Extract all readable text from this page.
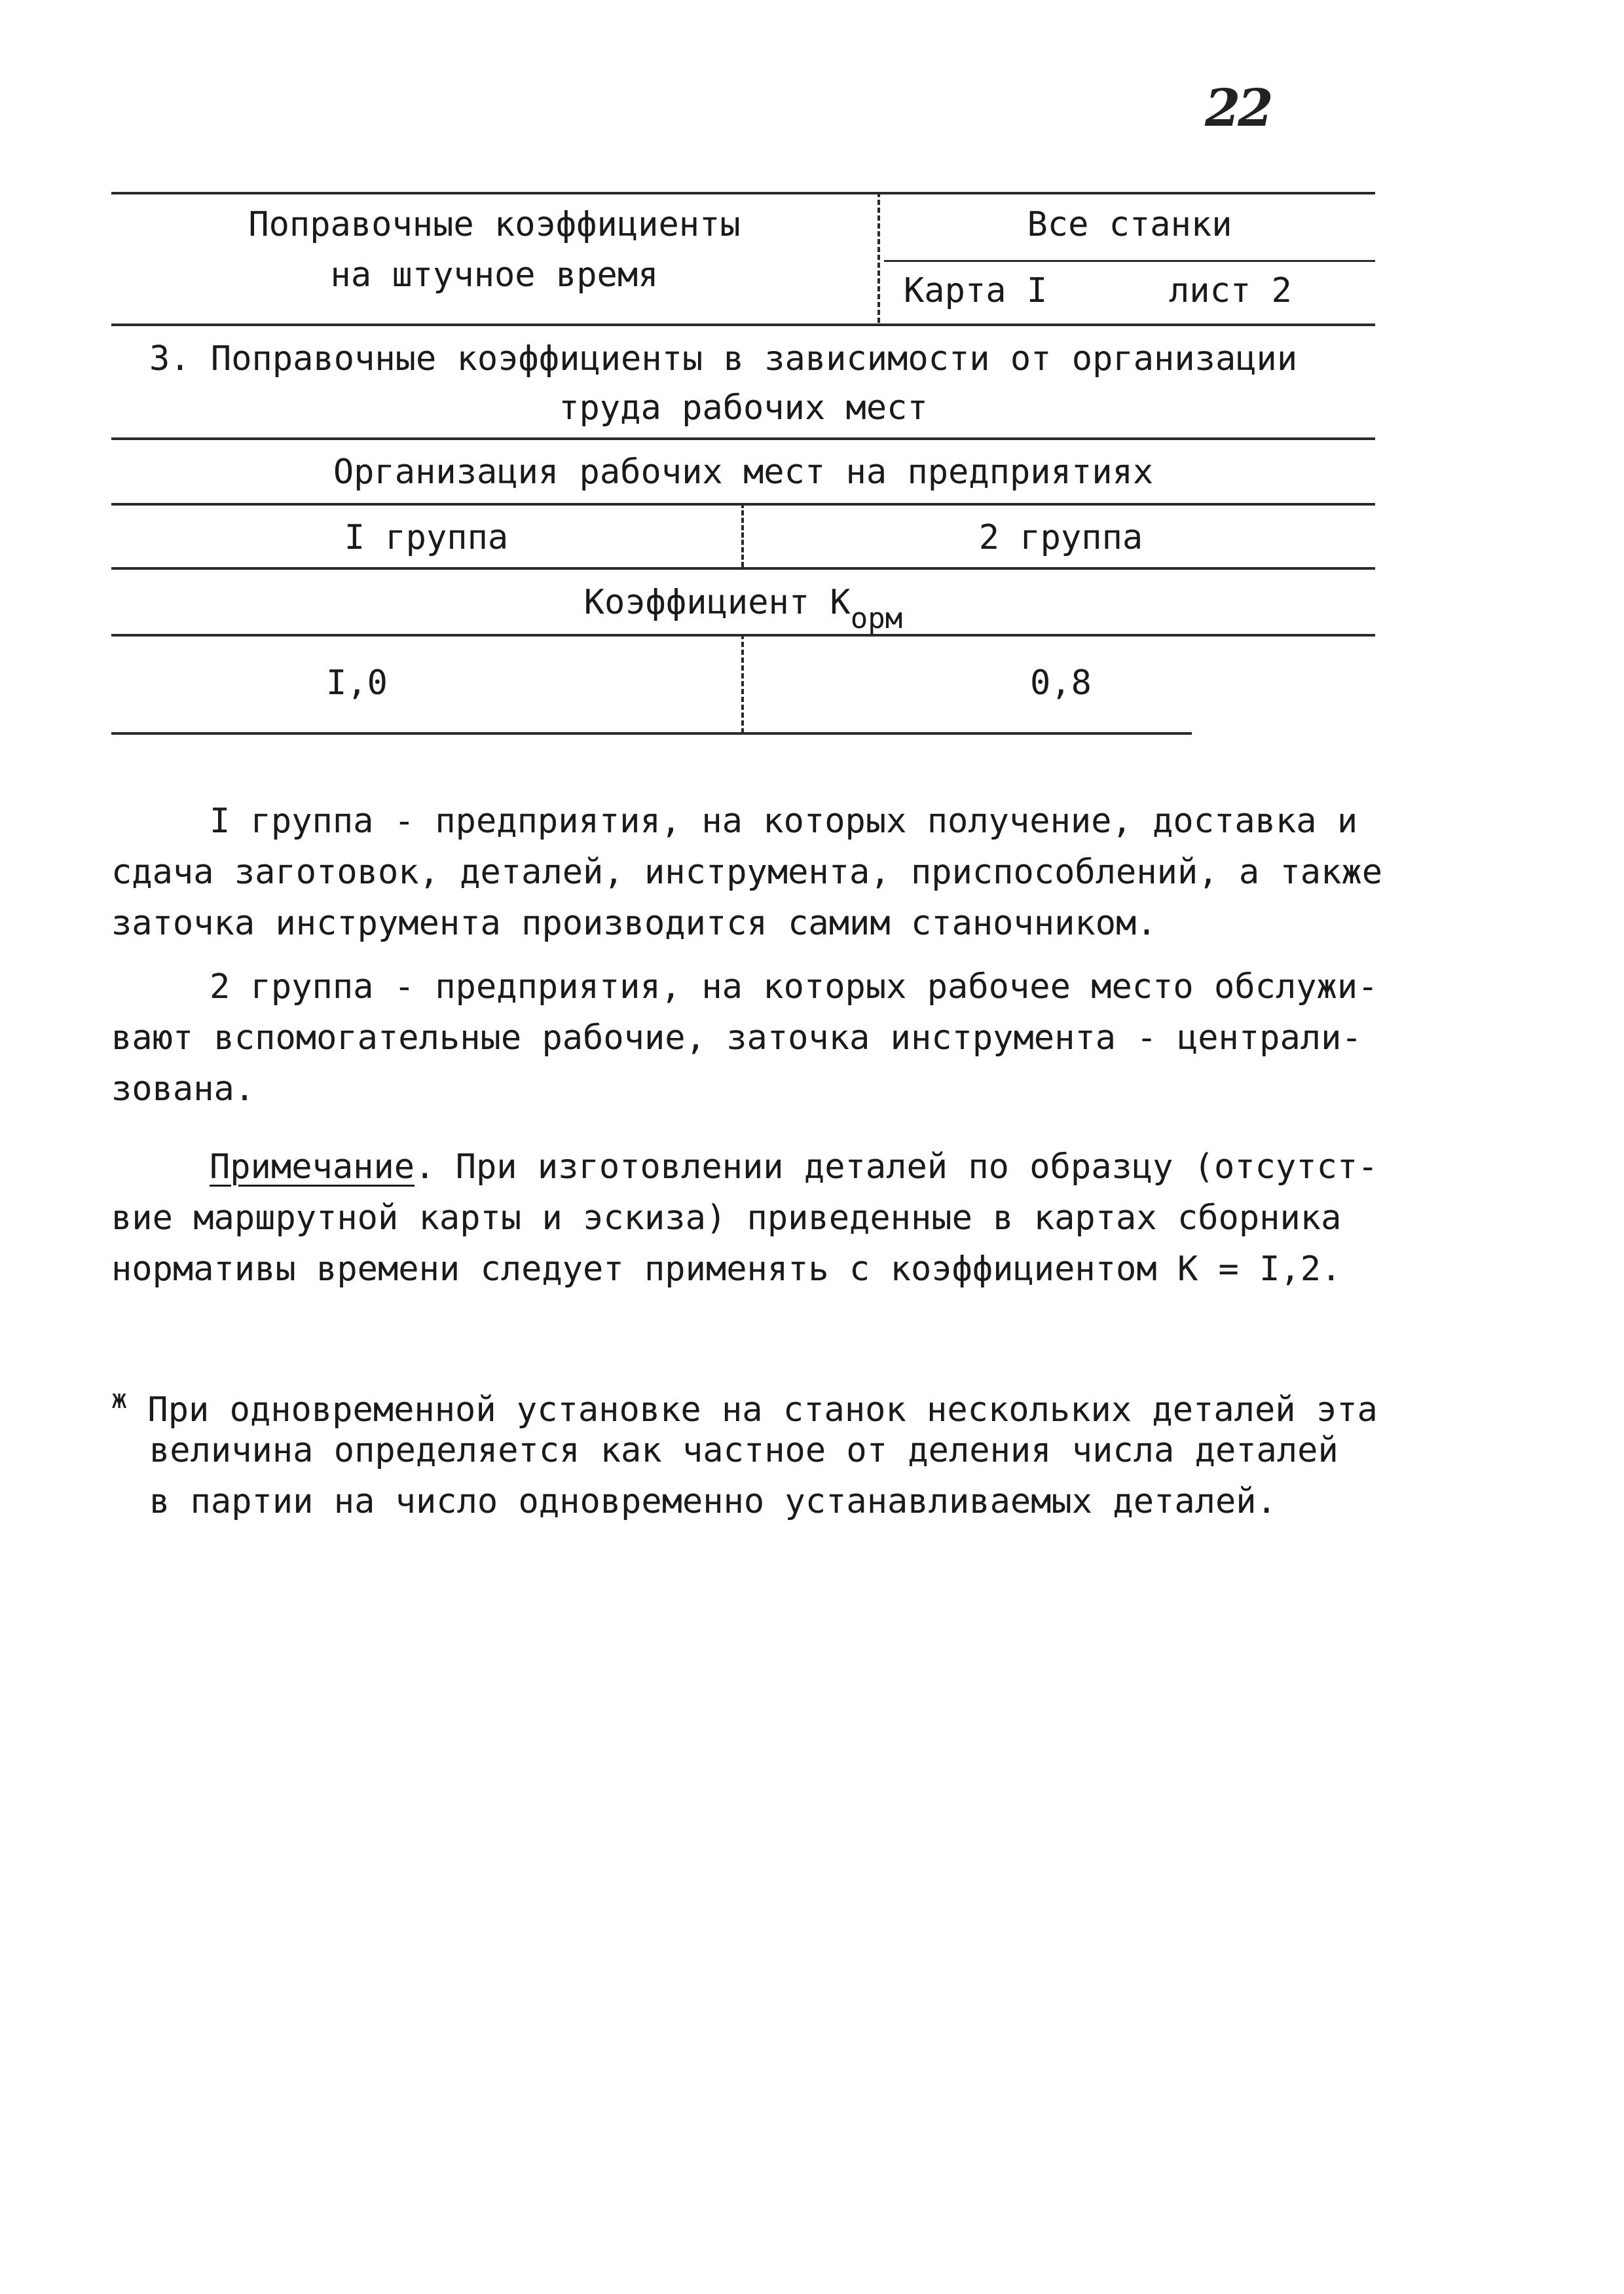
22
Поправочные коэффициенты
на штучное время
Все станки
Карта I	лист 2
3. Поправочные коэффициенты в зависимости от организации
труда рабочих мест
Организация рабочих мест на предприятиях
I группа	2 группа
Коэффициент $К_{орм}$
I,0	0,8
I группа - предприятия, на которых получение, доставка и
сдача заготовок, деталей, инструмента, приспособлений, а также
заточка инструмента производится самим станочником.
2 группа - предприятия, на которых рабочее место обслужи-
вают вспомогательные рабочие, заточка инструмента - централи-
зована.
Примечание. При изготовлении деталей по образцу (отсутст-
вие маршрутной карты и эскиза) приведенные в картах сборника
нормативы времени следует применять с коэффициентом К = I,2.
$^ж$ При одновременной установке на станок нескольких деталей эта
величина определяется как частное от деления числа деталей
в партии на число одновременно устанавливаемых деталей.
